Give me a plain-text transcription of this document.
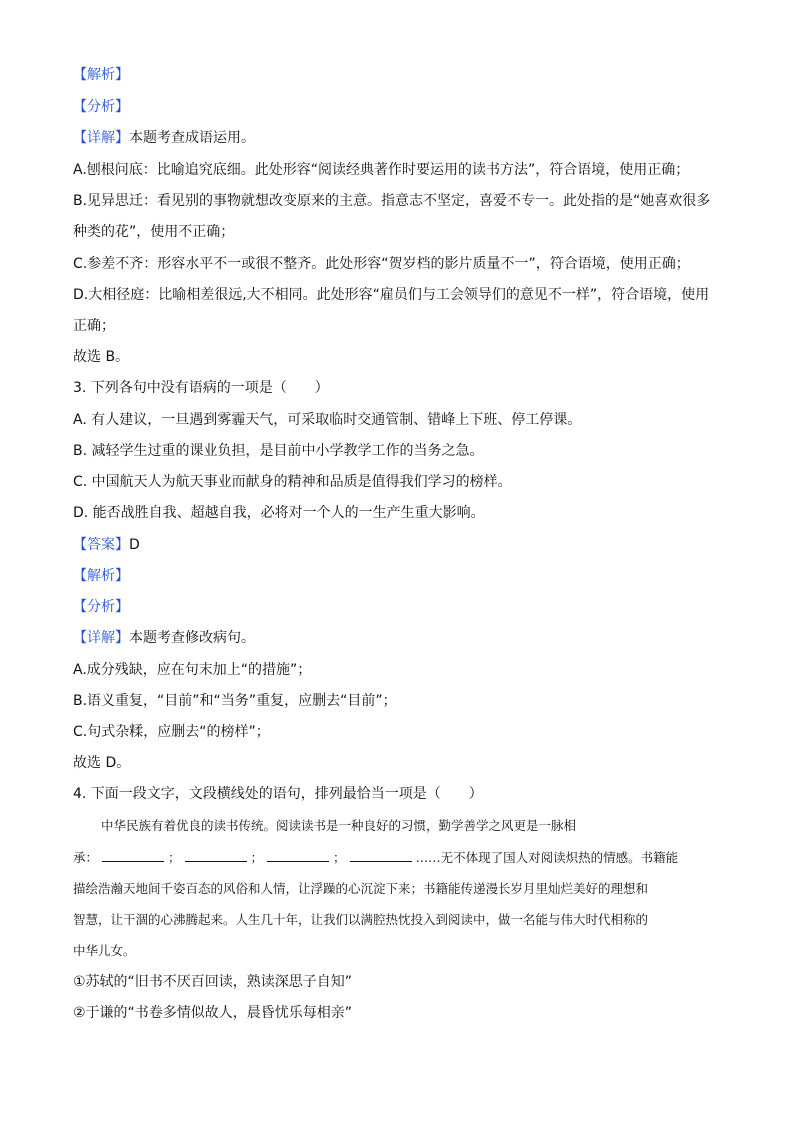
【解析】
【分析】
【详解】本题考查成语运用。
A.刨根问底：比喻追究底细。此处形容“阅读经典著作时要运用的读书方法”，符合语境，使用正确；
B.见异思迁：看见别的事物就想改变原来的主意。指意志不坚定，喜爱不专一。此处指的是“她喜欢很多
种类的花”，使用不正确；
C.参差不齐：形容水平不一或很不整齐。此处形容“贺岁档的影片质量不一”，符合语境，使用正确；
D.大相径庭：比喻相差很远,大不相同。此处形容“雇员们与工会领导们的意见不一样”，符合语境，使用
正确；
故选 B。
3. 下列各句中没有语病的一项是（　　）
A. 有人建议，一旦遇到雾霾天气，可采取临时交通管制、错峰上下班、停工停课。
B. 减轻学生过重的课业负担，是目前中小学教学工作的当务之急。
C. 中国航天人为航天事业而献身的精神和品质是值得我们学习的榜样。
D. 能否战胜自我、超越自我，必将对一个人的一生产生重大影响。
【答案】D
【解析】
【分析】
【详解】本题考查修改病句。
A.成分残缺，应在句末加上“的措施”；
B.语义重复，“目前”和“当务”重复，应删去“目前”；
C.句式杂糅，应删去“的榜样”；
故选 D。
4. 下面一段文字，文段横线处的语句，排列最恰当一项是（　　）
中华民族有着优良的读书传统。阅读读书是一种良好的习惯，勤学善学之风更是一脉相
承：	；	；	；	……无不体现了国人对阅读炽热的情感。书籍能
描绘浩瀚天地间千姿百态的风俗和人情，让浮躁的心沉淀下来；书籍能传递漫长岁月里灿烂美好的理想和
智慧，让干涸的心沸腾起来。人生几十年，让我们以满腔热忱投入到阅读中，做一名能与伟大时代相称的
中华儿女。
①苏轼的“旧书不厌百回读，熟读深思子自知”
②于谦的“书卷多情似故人，晨昏忧乐每相亲”
